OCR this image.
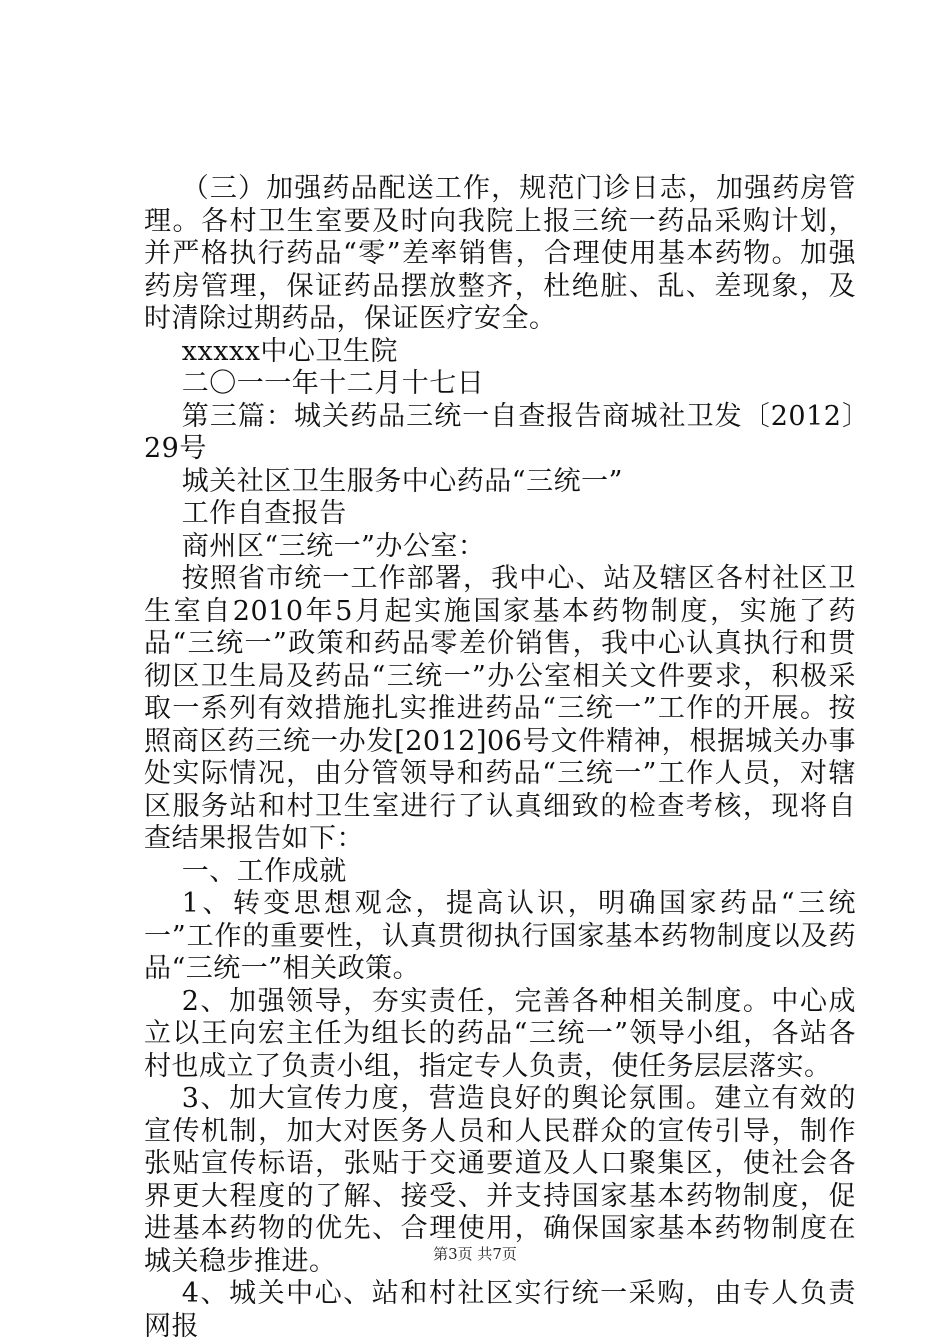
（三）加强药品配送工作，规范门诊日志，加强药房管理。各村卫生室要及时向我院上报三统一药品采购计划，并严格执行药品“零”差率销售，合理使用基本药物。加强药房管理，保证药品摆放整齐，杜绝脏、乱、差现象，及时清除过期药品，保证医疗安全。

xxxxx中心卫生院

二〇一一年十二月十七日

第三篇：城关药品三统一自查报告商城社卫发〔2012〕29号

城关社区卫生服务中心药品“三统一”

工作自查报告

商州区“三统一”办公室：

按照省市统一工作部署，我中心、站及辖区各村社区卫生室自2010年5月起实施国家基本药物制度，实施了药品“三统一”政策和药品零差价销售，我中心认真执行和贯彻区卫生局及药品“三统一”办公室相关文件要求，积极采取一系列有效措施扎实推进药品“三统一”工作的开展。按照商区药三统一办发[2012]06号文件精神，根据城关办事处实际情况，由分管领导和药品“三统一”工作人员，对辖区服务站和村卫生室进行了认真细致的检查考核，现将自查结果报告如下：

一、工作成就

1、转变思想观念，提高认识，明确国家药品“三统一”工作的重要性，认真贯彻执行国家基本药物制度以及药品“三统一”相关政策。

2、加强领导，夯实责任，完善各种相关制度。中心成立以王向宏主任为组长的药品“三统一”领导小组，各站各村也成立了负责小组，指定专人负责，使任务层层落实。

3、加大宣传力度，营造良好的舆论氛围。建立有效的宣传机制，加大对医务人员和人民群众的宣传引导，制作张贴宣传标语，张贴于交通要道及人口聚集区，使社会各界更大程度的了解、接受、并支持国家基本药物制度，促进基本药物的优先、合理使用，确保国家基本药物制度在城关稳步推进。

4、城关中心、站和村社区实行统一采购，由专人负责网报

第3页 共7页
